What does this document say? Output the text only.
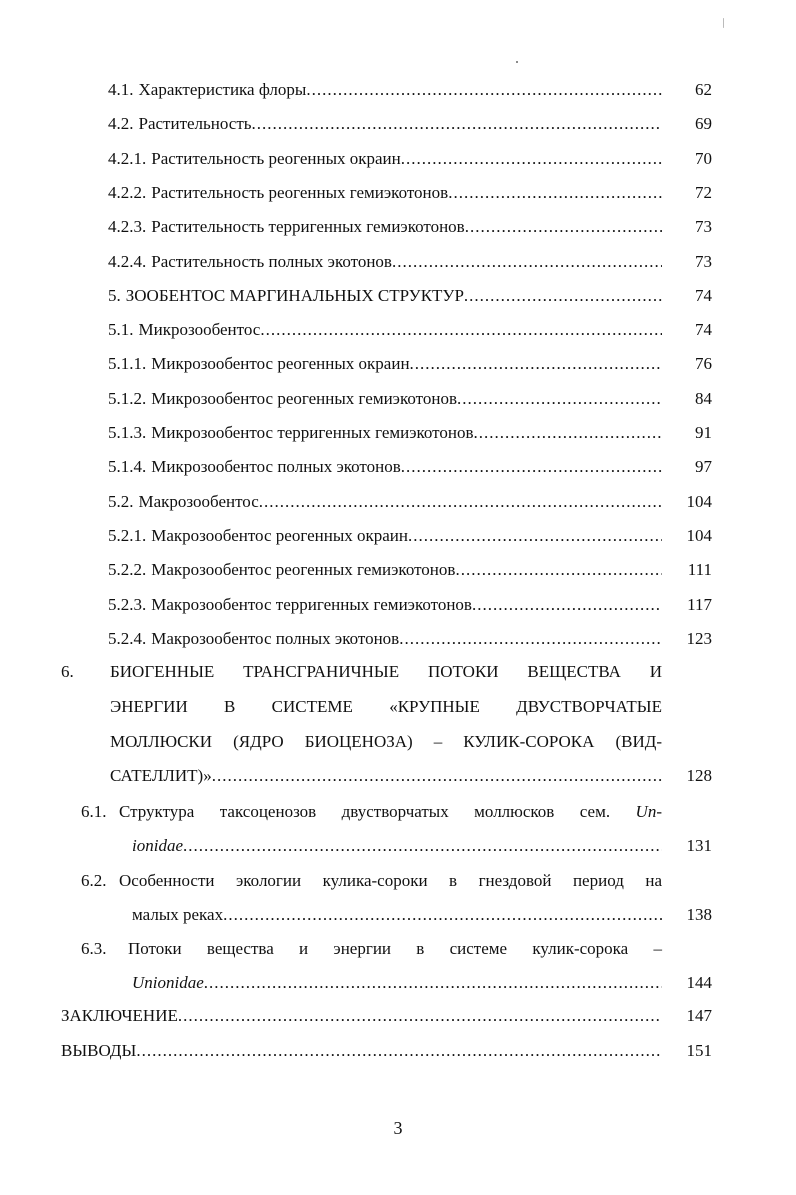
4.1. Характеристика флоры .....	62
4.2. Растительность .....	69
4.2.1. Растительность реогенных окраин .....	70
4.2.2. Растительность реогенных гемиэкотонов .....	72
4.2.3. Растительность терригенных гемиэкотонов .....	73
4.2.4. Растительность полных экотонов .....	73
5. ЗООБЕНТОС МАРГИНАЛЬНЫХ СТРУКТУР .....	74
5.1. Микрозообентос .....	74
5.1.1. Микрозообентос реогенных окраин .....	76
5.1.2. Микрозообентос реогенных гемиэкотонов .....	84
5.1.3. Микрозообентос терригенных гемиэкотонов .....	91
5.1.4. Микрозообентос полных экотонов .....	97
5.2. Макрозообентос .....	104
5.2.1. Макрозообентос реогенных окраин .....	104
5.2.2. Макрозообентос реогенных гемиэкотонов .....	111
5.2.3. Макрозообентос терригенных гемиэкотонов .....	117
5.2.4. Макрозообентос полных экотонов .....	123
6. БИОГЕННЫЕ ТРАНСГРАНИЧНЫЕ ПОТОКИ ВЕЩЕСТВА И
ЭНЕРГИИ В СИСТЕМЕ «КРУПНЫЕ ДВУСТВОРЧАТЫЕ
МОЛЛЮСКИ (ЯДРО БИОЦЕНОЗА) – КУЛИК-СОРОКА (ВИД-
САТЕЛЛИТ)» .....	128
6.1. Структура таксоценозов двустворчатых моллюсков сем. Un-
ionidae .....	131
6.2. Особенности экологии кулика-сороки в гнездовой период на
малых реках .....	138
6.3. Потоки вещества и энергии в системе кулик-сорока –
Unionidae .....	144
ЗАКЛЮЧЕНИЕ .....	147
ВЫВОДЫ .....	151
3
